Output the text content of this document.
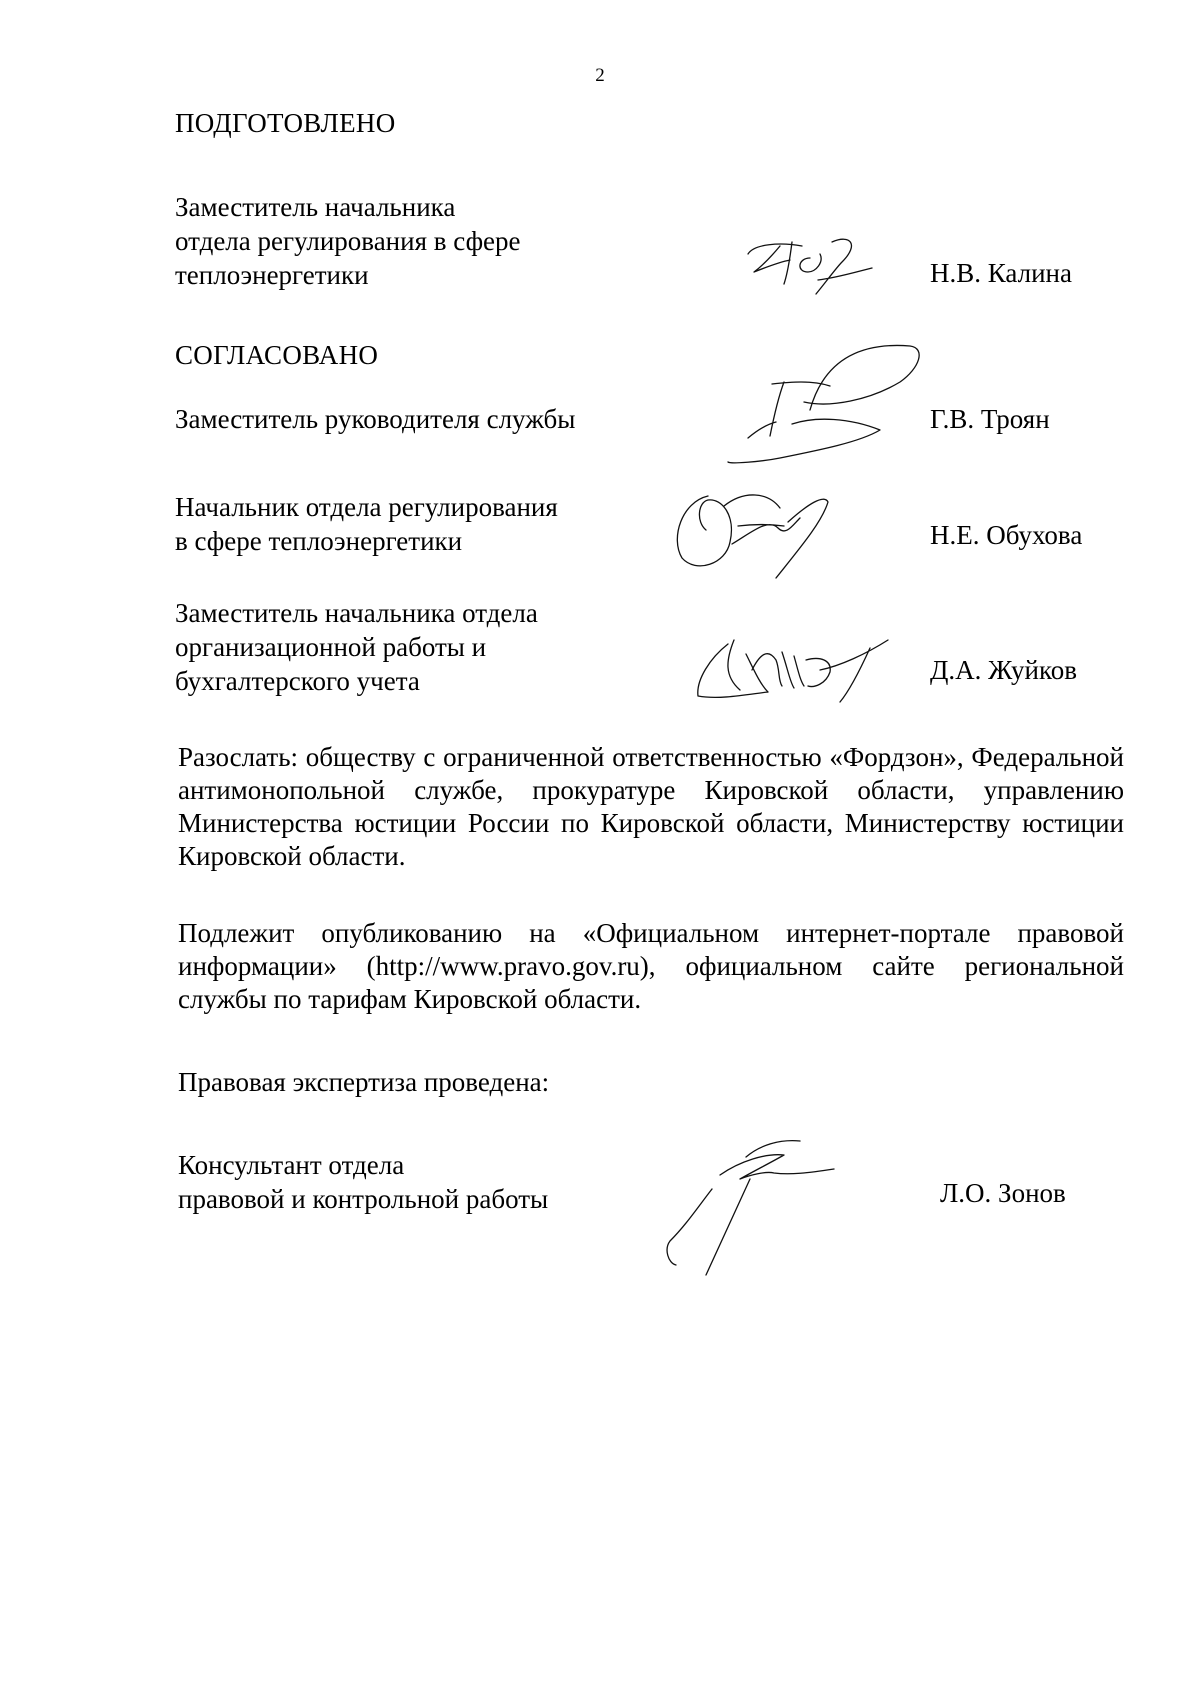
2
ПОДГОТОВЛЕНО
Заместитель начальника
отдела регулирования в сфере
теплоэнергетики	Н.В. Калина
СОГЛАСОВАНО
Заместитель руководителя службы	Г.В. Троян
Начальник отдела регулирования
в сфере теплоэнергетики	Н.Е. Обухова
Заместитель начальника отдела
организационной работы и
бухгалтерского учета	Д.А. Жуйков
Разослать: обществу с ограниченной ответственностью «Фордзон», Федеральной антимонопольной службе, прокуратуре Кировской области, управлению Министерства юстиции России по Кировской области, Министерству юстиции Кировской области.
Подлежит опубликованию на «Официальном интернет-портале правовой информации» (http://www.pravo.gov.ru), официальном сайте региональной службы по тарифам Кировской области.
Правовая экспертиза проведена:
Консультант отдела
правовой и контрольной работы	Л.О. Зонов
